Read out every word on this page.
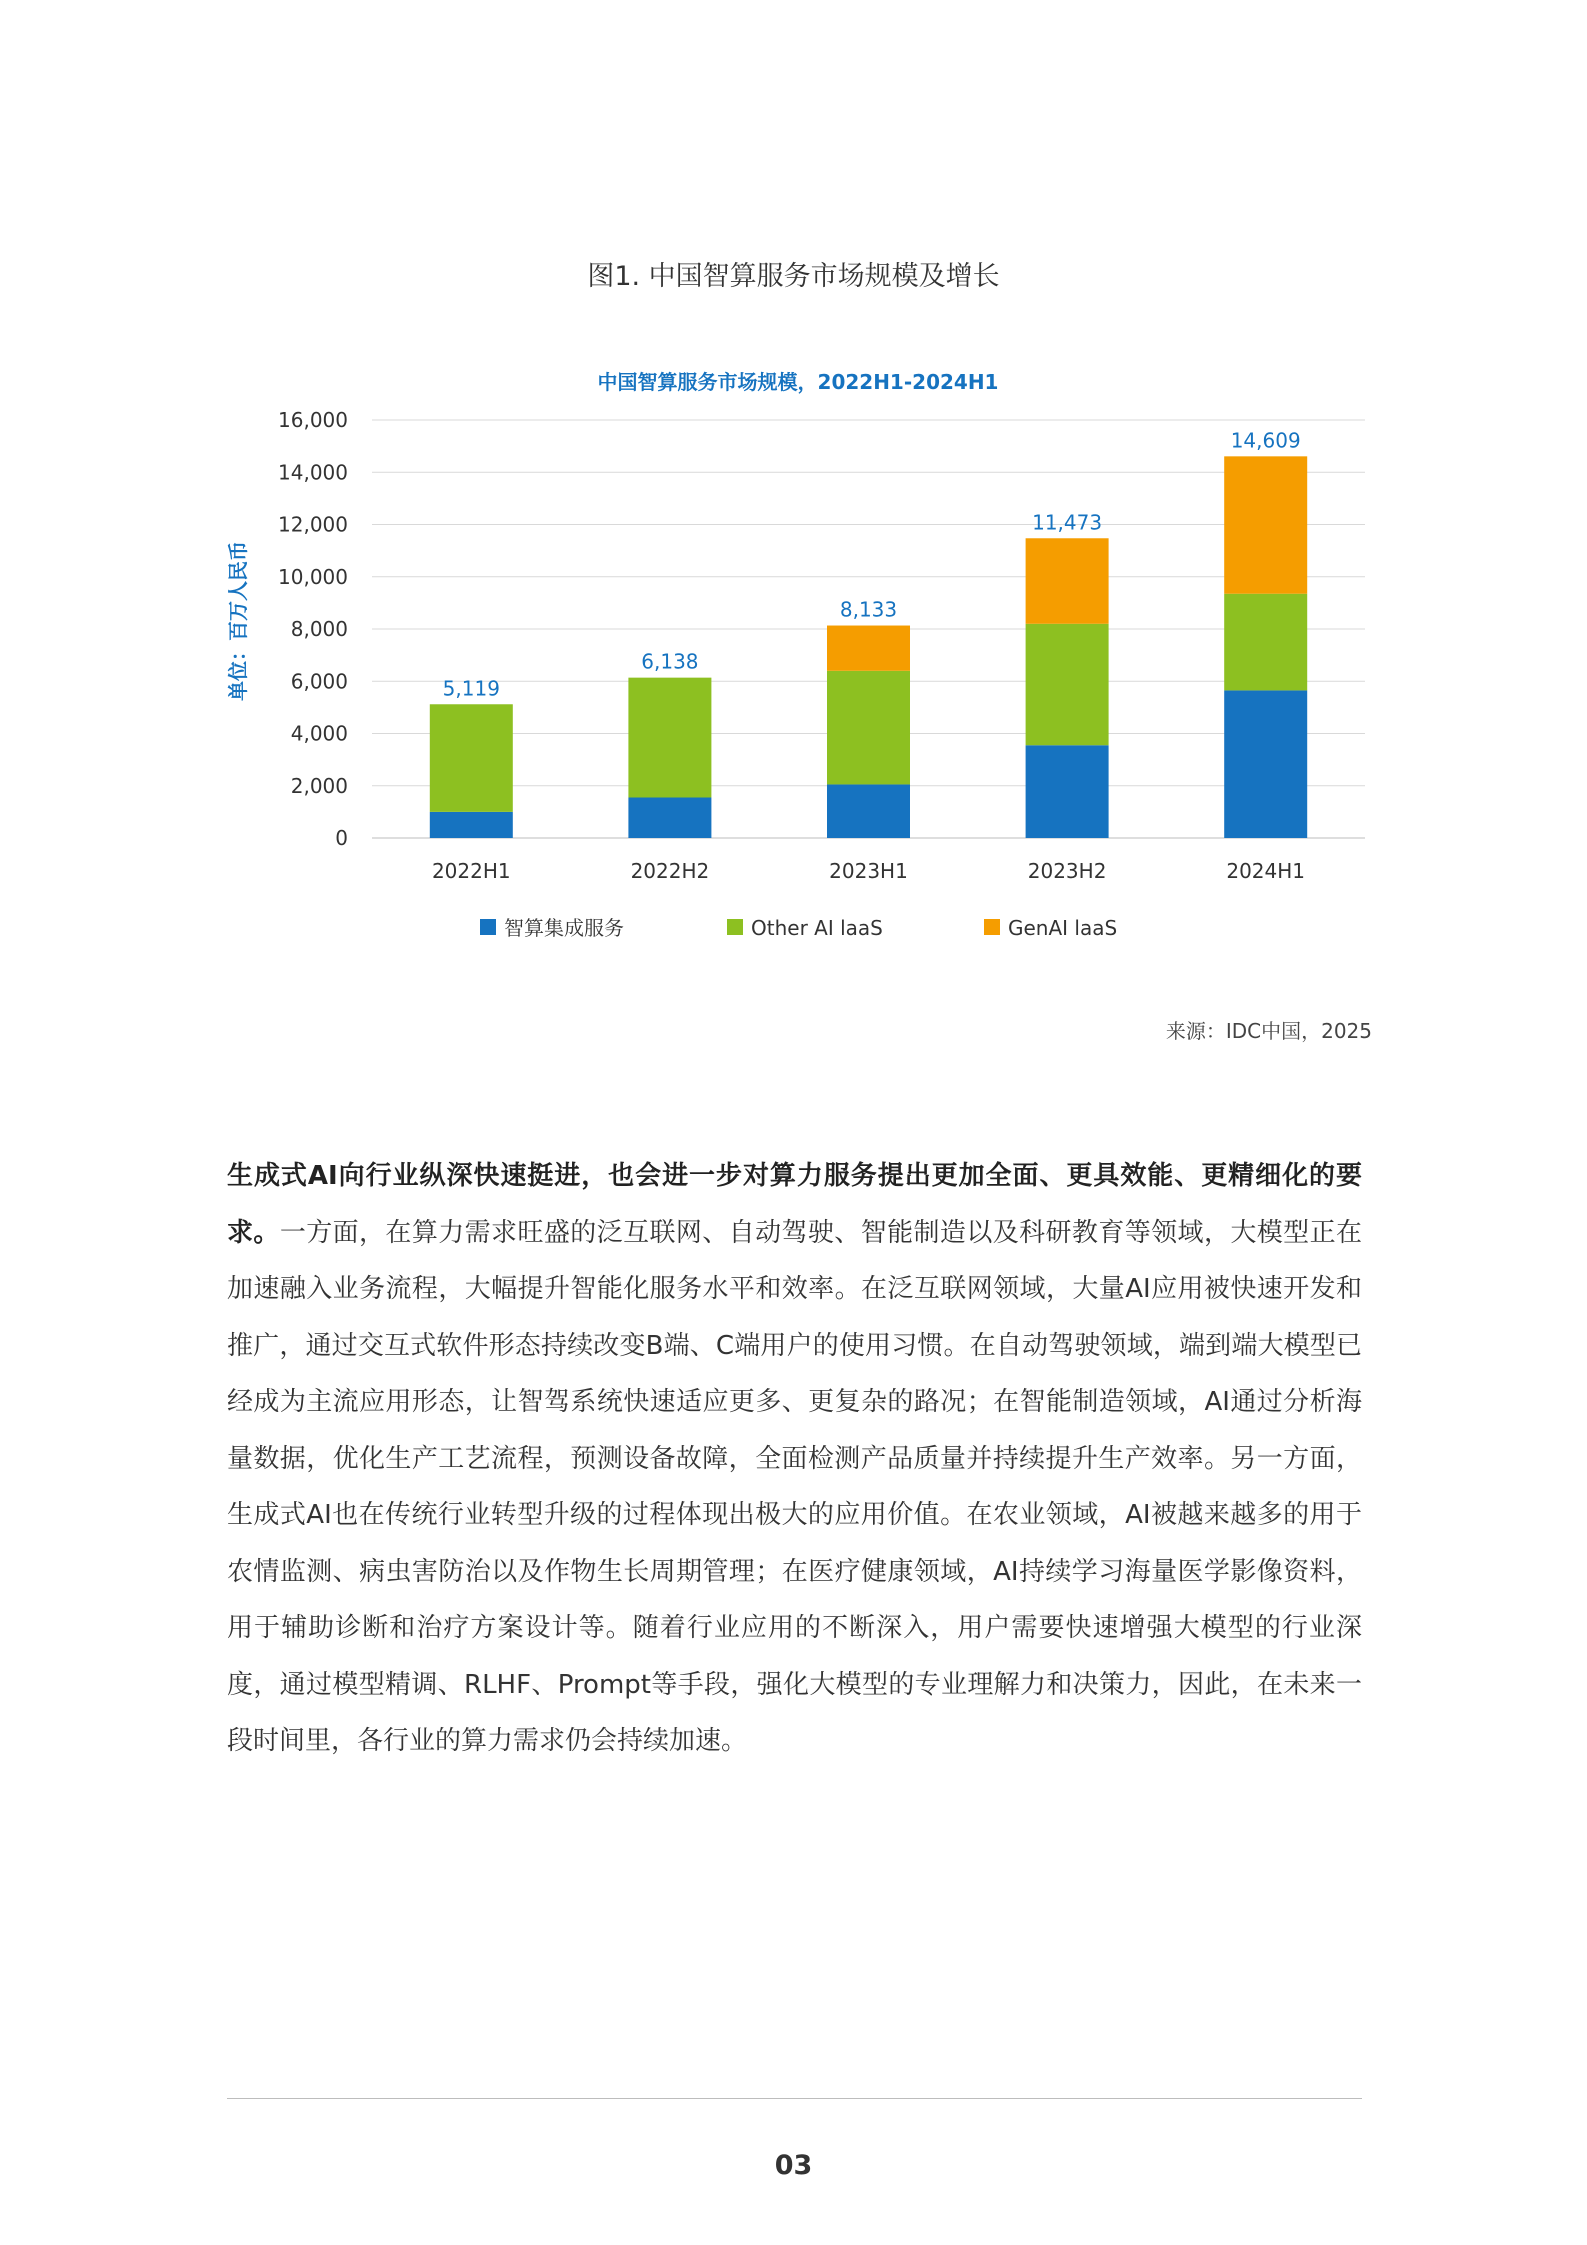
图1. 中国智算服务市场规模及增长
中国智算服务市场规模，2022H1-2024H1
单位：百万人民币
0
2,000
4,000
6,000
8,000
10,000
12,000
14,000
16,000
5,119
6,138
8,133
11,473
14,609
2022H1	2022H2	2023H1	2023H2	2024H1
智算集成服务	Other AI laaS	GenAI laaS
来源：IDC中国，2025

生成式AI向行业纵深快速挺进，也会进一步对算力服务提出更加全面、更具效能、更精细化的要求。一方面，在算力需求旺盛的泛互联网、自动驾驶、智能制造以及科研教育等领域，大模型正在加速融入业务流程，大幅提升智能化服务水平和效率。在泛互联网领域，大量AI应用被快速开发和推广，通过交互式软件形态持续改变B端、C端用户的使用习惯。在自动驾驶领域，端到端大模型已经成为主流应用形态，让智驾系统快速适应更多、更复杂的路况；在智能制造领域，AI通过分析海量数据，优化生产工艺流程，预测设备故障，全面检测产品质量并持续提升生产效率。另一方面，生成式AI也在传统行业转型升级的过程体现出极大的应用价值。在农业领域，AI被越来越多的用于农情监测、病虫害防治以及作物生长周期管理；在医疗健康领域，AI持续学习海量医学影像资料，用于辅助诊断和治疗方案设计等。随着行业应用的不断深入，用户需要快速增强大模型的行业深度，通过模型精调、RLHF、Prompt等手段，强化大模型的专业理解力和决策力，因此，在未来一段时间里，各行业的算力需求仍会持续加速。

03
